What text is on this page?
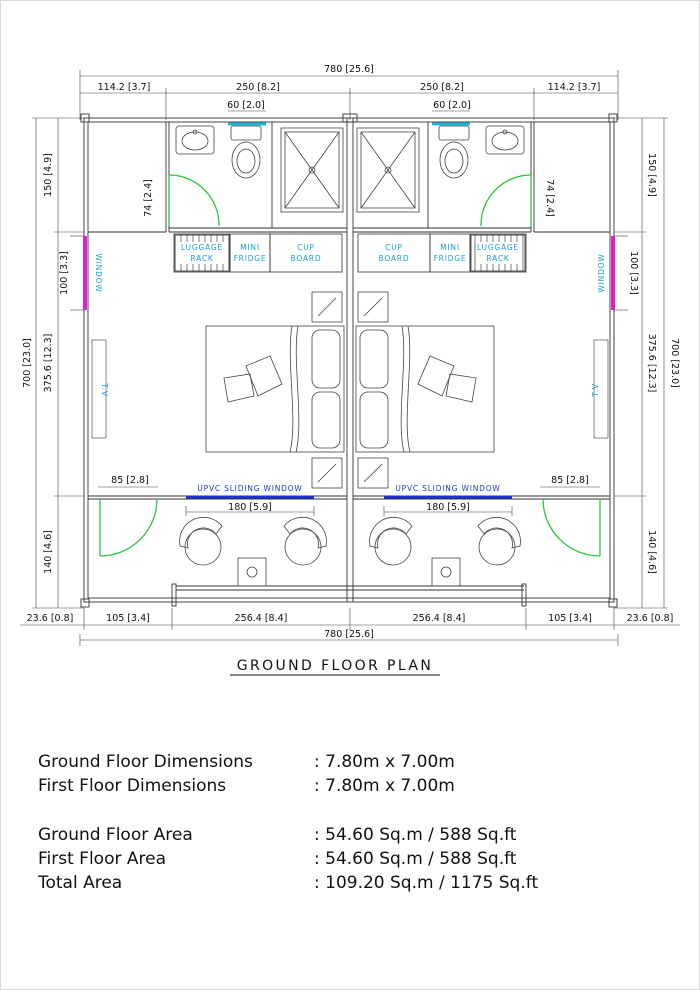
780 [25.6]
114.2 [3.7]	250 [8.2]	250 [8.2]	114.2 [3.7]
60 [2.0]	60 [2.0]
700 [23.0]
150 [4.9]
375.6 [12.3]
140 [4.6]
100 [3.3]
74 [2.4]
700 [23.0]
150 [4.9]
375.6 [12.3]
140 [4.6]
100 [3.3]
74 [2.4]
LUGGAGE
RACK
MINI
FRIDGE
CUP
BOARD
CUP
BOARD
MINI
FRIDGE
LUGGAGE
RACK
WINDOW	WINDOW
T.V	T.V
UPVC SLIDING WINDOW	UPVC SLIDING WINDOW
180 [5.9]	180 [5.9]
85 [2.8]	85 [2.8]
23.6 [0.8]	105 [3.4]	256.4 [8.4]	256.4 [8.4]	105 [3.4]	23.6 [0.8]
780 [25.6]
GROUND FLOOR PLAN
Ground Floor Dimensions	: 7.80m x 7.00m
First Floor Dimensions	: 7.80m x 7.00m
Ground Floor Area	: 54.60 Sq.m / 588 Sq.ft
First Floor Area	: 54.60 Sq.m / 588 Sq.ft
Total Area	: 109.20 Sq.m / 1175 Sq.ft
